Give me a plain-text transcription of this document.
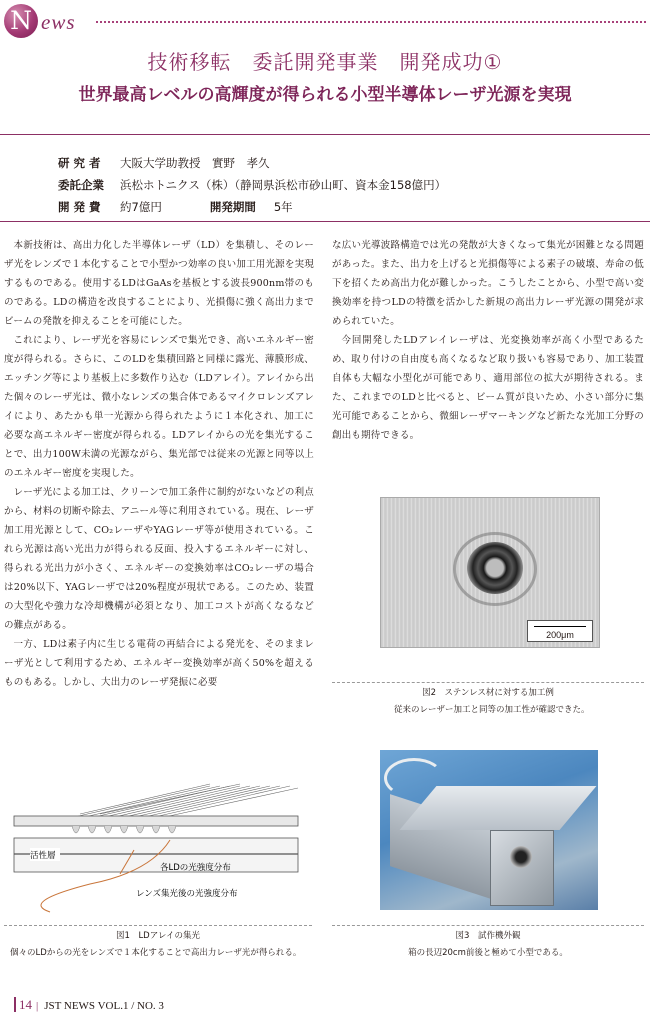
N ews
技術移転　委託開発事業　開発成功①
世界最高レベルの高輝度が得られる小型半導体レーザ光源を実現
研究者	大阪大学助教授　實野　孝久
委託企業	浜松ホトニクス（株）（静岡県浜松市砂山町、資本金158億円）
開発費	約7億円	開発期間	5年

本新技術は、高出力化した半導体レーザ（LD）を集積し、そのレーザ光をレンズで１本化することで小型かつ効率の良い加工用光源を実現するものである。使用するLDはGaAsを基板とする波長900nm帯のものである。LDの構造を改良することにより、光損傷に強く高出力までビームの発散を抑えることを可能にした。

これにより、レーザ光を容易にレンズで集光でき、高いエネルギー密度が得られる。さらに、このLDを集積回路と同様に露光、薄膜形成、エッチング等により基板上に多数作り込む（LDアレイ）。アレイから出た個々のレーザ光は、微小なレンズの集合体であるマイクロレンズアレイにより、あたかも単一光源から得られたように１本化され、加工に必要な高エネルギー密度が得られる。LDアレイからの光を集光することで、出力100W未満の光源ながら、集光部では従来の光源と同等以上のエネルギー密度を実現した。

レーザ光による加工は、クリーンで加工条件に制約がないなどの利点から、材料の切断や除去、アニール等に利用されている。現在、レーザ加工用光源として、CO₂レーザやYAGレーザ等が使用されている。これら光源は高い光出力が得られる反面、投入するエネルギーに対し、得られる光出力が小さく、エネルギーの変換効率はCO₂レーザの場合は20%以下、YAGレーザでは20%程度が現状である。このため、装置の大型化や強力な冷却機構が必須となり、加工コストが高くなるなどの難点がある。

一方、LDは素子内に生じる電荷の再結合による発光を、そのままレーザ光として利用するため、エネルギー変換効率が高く50%を超えるものもある。しかし、大出力のレーザ発振に必要

な広い光導波路構造では光の発散が大きくなって集光が困難となる問題があった。また、出力を上げると光損傷等による素子の破壊、寿命の低下を招くため高出力化が難しかった。こうしたことから、小型で高い変換効率を持つLDの特徴を活かした新規の高出力レーザ光源の開発が求められていた。

今回開発したLDアレイレーザは、光変換効率が高く小型であるため、取り付けの自由度も高くなるなど取り扱いも容易であり、加工装置自体も大幅な小型化が可能であり、適用部位の拡大が期待される。また、これまでのLDと比べると、ビーム質が良いため、小さい部分に集光可能であることから、微細レーザマーキングなど新たな光加工分野の創出も期待できる。

200μm
図2　ステンレス材に対する加工例
従来のレーザー加工と同等の加工性が確認できた。
活性層
各LDの光強度分布
レンズ集光後の光強度分布
図1　LDアレイの集光
個々のLDからの光をレンズで１本化することで高出力レーザ光が得られる。
図3　試作機外観
箱の長辺20cm前後と極めて小型である。
14 | JST NEWS VOL.1 / NO. 3
